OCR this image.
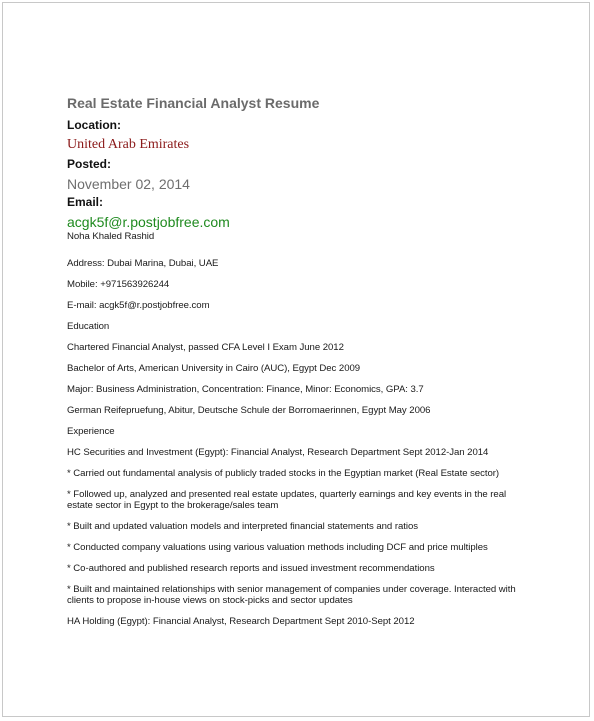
Real Estate Financial Analyst Resume
Location:
United Arab Emirates
Posted:
November 02, 2014
Email:
acgk5f@r.postjobfree.com

Noha Khaled Rashid

Address: Dubai Marina, Dubai, UAE

Mobile: +971563926244

E-mail: acgk5f@r.postjobfree.com

Education

Chartered Financial Analyst, passed CFA Level I Exam June 2012

Bachelor of Arts, American University in Cairo (AUC), Egypt Dec 2009

Major: Business Administration, Concentration: Finance, Minor: Economics, GPA: 3.7

German Reifepruefung, Abitur, Deutsche Schule der Borromaerinnen, Egypt May 2006

Experience

HC Securities and Investment (Egypt): Financial Analyst, Research Department Sept 2012-Jan 2014

* Carried out fundamental analysis of publicly traded stocks in the Egyptian market (Real Estate sector)

* Followed up, analyzed and presented real estate updates, quarterly earnings and key events in the real

estate sector in Egypt to the brokerage/sales team

* Built and updated valuation models and interpreted financial statements and ratios

* Conducted company valuations using various valuation methods including DCF and price multiples

* Co-authored and published research reports and issued investment recommendations

* Built and maintained relationships with senior management of companies under coverage. Interacted with

clients to propose in-house views on stock-picks and sector updates

HA Holding (Egypt): Financial Analyst, Research Department Sept 2010-Sept 2012
